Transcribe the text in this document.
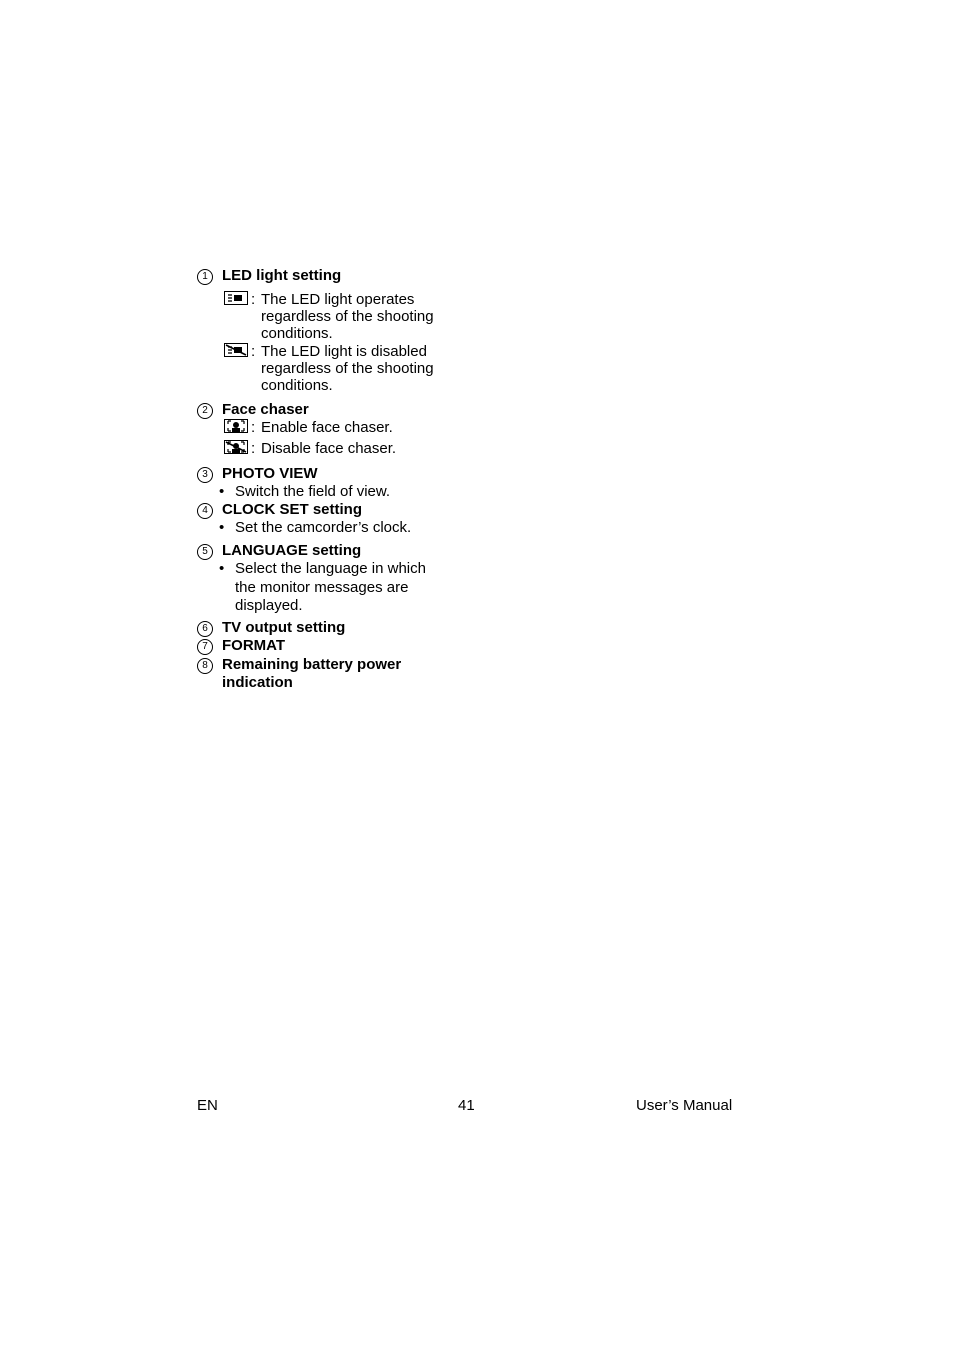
1 LED light setting
: The LED light operates
regardless of the shooting
conditions.
: The LED light is disabled
regardless of the shooting
conditions.
2 Face chaser
: Enable face chaser.
: Disable face chaser.
3 PHOTO VIEW
• Switch the field of view.
4 CLOCK SET setting
• Set the camcorder’s clock.
5 LANGUAGE setting
• Select the language in which
the monitor messages are
displayed.
6 TV output setting
7 FORMAT
8 Remaining battery power
indication
EN	41	User’s Manual
